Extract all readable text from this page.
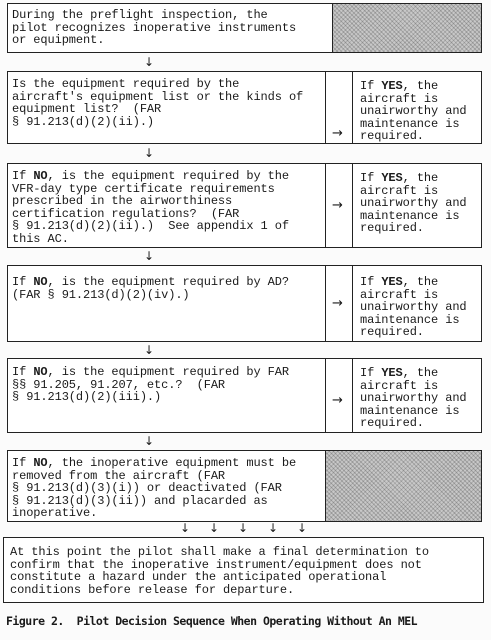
During the preflight inspection, the
pilot recognizes inoperative instruments
or equipment.
↓
Is the equipment required by the
aircraft's equipment list or the kinds of
equipment list?  (FAR
§ 91.213(d)(2)(ii).)
→
If YES, the
aircraft is
unairworthy and
maintenance is
required.
↓
If NO, is the equipment required by the
VFR-day type certificate requirements
prescribed in the airworthiness
certification regulations?  (FAR
§ 91.213(d)(2)(ii).)  See appendix 1 of
this AC.
→
If YES, the
aircraft is
unairworthy and
maintenance is
required.
↓
If NO, is the equipment required by AD?
(FAR § 91.213(d)(2)(iv).)
→
If YES, the
aircraft is
unairworthy and
maintenance is
required.
↓
If NO, is the equipment required by FAR
§§ 91.205, 91.207, etc.?  (FAR
§ 91.213(d)(2)(iii).)	→
If YES, the
aircraft is
unairworthy and
maintenance is
required.
↓
If NO, the inoperative equipment must be
removed from the aircraft (FAR
§ 91.213(d)(3)(i)) or deactivated (FAR
§ 91.213(d)(3)(ii)) and placarded as
inoperative.
↓ ↓ ↓ ↓ ↓
At this point the pilot shall make a final determination to
confirm that the inoperative instrument/equipment does not
constitute a hazard under the anticipated operational
conditions before release for departure.
Figure 2.  Pilot Decision Sequence When Operating Without An MEL
